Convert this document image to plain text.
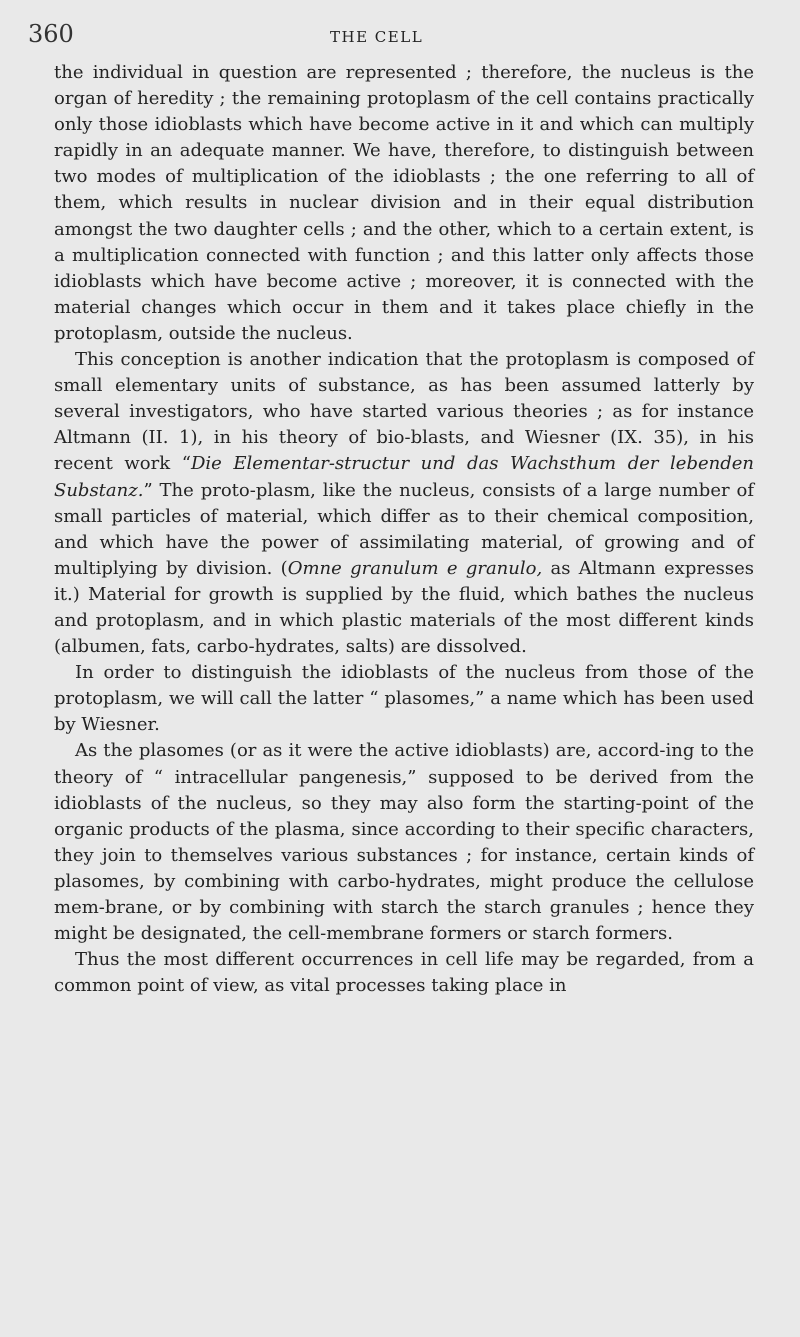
360	THE CELL

the individual in question are represented ; therefore, the nucleus is the organ of heredity ; the remaining protoplasm of the cell contains practically only those idioblasts which have become active in it and which can multiply rapidly in an adequate manner. We have, therefore, to distinguish between two modes of multiplication of the idioblasts ; the one referring to all of them, which results in nuclear division and in their equal distribution amongst the two daughter cells ; and the other, which to a certain extent, is a multiplication connected with function ; and this latter only affects those idioblasts which have become active ; moreover, it is connected with the material changes which occur in them and it takes place chiefly in the protoplasm, outside the nucleus.

This conception is another indication that the protoplasm is composed of small elementary units of substance, as has been assumed latterly by several investigators, who have started various theories ; as for instance Altmann (II. 1), in his theory of bio-blasts, and Wiesner (IX. 35), in his recent work “Die Elementar-structur und das Wachsthum der lebenden Substanz.” The proto-plasm, like the nucleus, consists of a large number of small particles of material, which differ as to their chemical composition, and which have the power of assimilating material, of growing and of multiplying by division. (Omne granulum e granulo, as Altmann expresses it.) Material for growth is supplied by the fluid, which bathes the nucleus and protoplasm, and in which plastic materials of the most different kinds (albumen, fats, carbo-hydrates, salts) are dissolved.

In order to distinguish the idioblasts of the nucleus from those of the protoplasm, we will call the latter “ plasomes,” a name which has been used by Wiesner.

As the plasomes (or as it were the active idioblasts) are, accord-ing to the theory of “ intracellular pangenesis,” supposed to be derived from the idioblasts of the nucleus, so they may also form the starting-point of the organic products of the plasma, since according to their specific characters, they join to themselves various substances ; for instance, certain kinds of plasomes, by combining with carbo-hydrates, might produce the cellulose mem-brane, or by combining with starch the starch granules ; hence they might be designated, the cell-membrane formers or starch formers.

Thus the most different occurrences in cell life may be regarded, from a common point of view, as vital processes taking place in
